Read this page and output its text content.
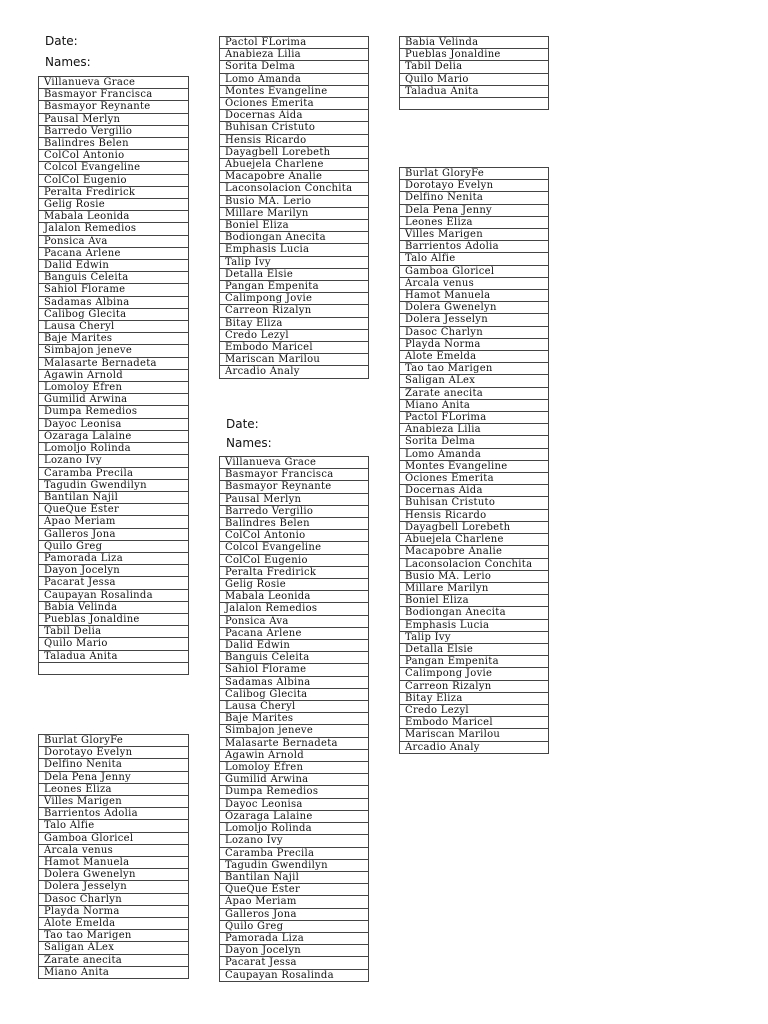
Date:
Names:
Date:
Names:
Villanueva Grace
Basmayor Francisca
Basmayor Reynante
Pausal Merlyn
Barredo Vergilio
Balindres Belen
ColCol Antonio
Colcol Evangeline
ColCol Eugenio
Peralta Fredirick
Gelig Rosie
Mabala Leonida
Jalalon Remedios
Ponsica Ava
Pacana Arlene
Dalid Edwin
Banguis Celeita
Sahiol Florame
Sadamas Albina
Calibog Glecita
Lausa Cheryl
Baje Marites
Simbajon jeneve
Malasarte Bernadeta
Agawin Arnold
Lomoloy Efren
Gumilid Arwina
Dumpa Remedios
Dayoc Leonisa
Ozaraga Lalaine
Lomoljo Rolinda
Lozano Ivy
Caramba Precila
Tagudin Gwendilyn
Bantilan Najil
QueQue Ester
Apao Meriam
Galleros Jona
Quilo Greg
Pamorada Liza
Dayon Jocelyn
Pacarat Jessa
Caupayan Rosalinda
Babia Velinda
Pueblas Jonaldine
Tabil Delia
Quilo Mario
Taladua Anita

Burlat GloryFe
Dorotayo Evelyn
Delfino Nenita
Dela Pena Jenny
Leones Eliza
Villes Marigen
Barrientos Adolia
Talo Alfie
Gamboa Gloricel
Arcala venus
Hamot Manuela
Dolera Gwenelyn
Dolera Jesselyn
Dasoc Charlyn
Playda Norma
Alote Emelda
Tao tao Marigen
Saligan ALex
Zarate anecita
Miano Anita
Pactol FLorima
Anabieza Lilia
Sorita Delma
Lomo Amanda
Montes Evangeline
Ociones Emerita
Docernas Aida
Buhisan Cristuto
Hensis Ricardo
Dayagbell Lorebeth
Abuejela Charlene
Macapobre Analie
Laconsolacion Conchita
Busio MA. Lerio
Millare Marilyn
Boniel Eliza
Bodiongan Anecita
Emphasis Lucia
Talip Ivy
Detalla Elsie
Pangan Empenita
Calimpong Jovie
Carreon Rizalyn
Bitay Eliza
Credo Lezyl
Embodo Maricel
Mariscan Marilou
Arcadio Analy
Villanueva Grace
Basmayor Francisca
Basmayor Reynante
Pausal Merlyn
Barredo Vergilio
Balindres Belen
ColCol Antonio
Colcol Evangeline
ColCol Eugenio
Peralta Fredirick
Gelig Rosie
Mabala Leonida
Jalalon Remedios
Ponsica Ava
Pacana Arlene
Dalid Edwin
Banguis Celeita
Sahiol Florame
Sadamas Albina
Calibog Glecita
Lausa Cheryl
Baje Marites
Simbajon jeneve
Malasarte Bernadeta
Agawin Arnold
Lomoloy Efren
Gumilid Arwina
Dumpa Remedios
Dayoc Leonisa
Ozaraga Lalaine
Lomoljo Rolinda
Lozano Ivy
Caramba Precila
Tagudin Gwendilyn
Bantilan Najil
QueQue Ester
Apao Meriam
Galleros Jona
Quilo Greg
Pamorada Liza
Dayon Jocelyn
Pacarat Jessa
Caupayan Rosalinda
Babia Velinda
Pueblas Jonaldine
Tabil Delia
Quilo Mario
Taladua Anita

Burlat GloryFe
Dorotayo Evelyn
Delfino Nenita
Dela Pena Jenny
Leones Eliza
Villes Marigen
Barrientos Adolia
Talo Alfie
Gamboa Gloricel
Arcala venus
Hamot Manuela
Dolera Gwenelyn
Dolera Jesselyn
Dasoc Charlyn
Playda Norma
Alote Emelda
Tao tao Marigen
Saligan ALex
Zarate anecita
Miano Anita
Pactol FLorima
Anabieza Lilia
Sorita Delma
Lomo Amanda
Montes Evangeline
Ociones Emerita
Docernas Aida
Buhisan Cristuto
Hensis Ricardo
Dayagbell Lorebeth
Abuejela Charlene
Macapobre Analie
Laconsolacion Conchita
Busio MA. Lerio
Millare Marilyn
Boniel Eliza
Bodiongan Anecita
Emphasis Lucia
Talip Ivy
Detalla Elsie
Pangan Empenita
Calimpong Jovie
Carreon Rizalyn
Bitay Eliza
Credo Lezyl
Embodo Maricel
Mariscan Marilou
Arcadio Analy
